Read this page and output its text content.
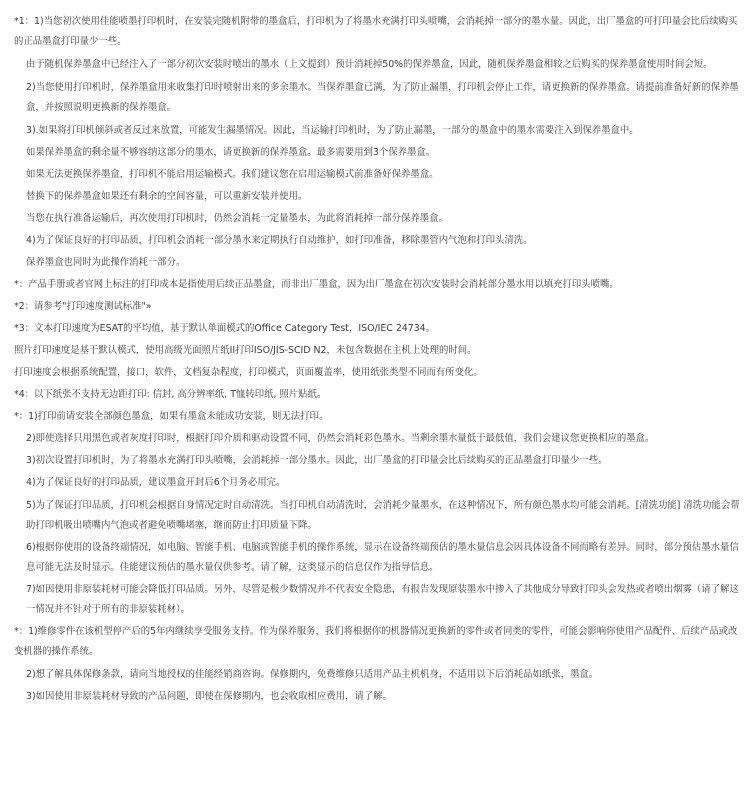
*1：1)当您初次使用佳能喷墨打印机时，在安装完随机附带的墨盒后，打印机为了将墨水充满打印头喷嘴，会消耗掉一部分的墨水量。因此，出厂墨盒的可打印量会比后续购买的正品墨盒打印量少一些。
由于随机保养墨盒中已经注入了一部分初次安装时喷出的墨水（上文提到）预计消耗掉50%的保养墨盒，因此，随机保养墨盒相较之后购买的保养墨盒使用时间会短。
2)当您使用打印机时，保养墨盒用来收集打印时喷射出来的多余墨水。当保养墨盒已满，为了防止漏墨，打印机会停止工作，请更换新的保养墨盒。请提前准备好新的保养墨盒，并按照说明更换新的保养墨盒。
3).如果将打印机倾斜或者反过来放置，可能发生漏墨情况。因此，当运输打印机时，为了防止漏墨，一部分的墨盒中的墨水需要注入到保养墨盒中。
如果保养墨盒的剩余量不够容纳这部分的墨水，请更换新的保养墨盒。最多需要用到3个保养墨盒。
如果无法更换保养墨盒，打印机不能启用运输模式。我们建议您在启用运输模式前准备好保养墨盒。
替换下的保养墨盒如果还有剩余的空间容量，可以重新安装并使用。
当您在执行准备运输后，再次使用打印机时，仍然会消耗一定量墨水，为此将消耗掉一部分保养墨盒。
4)为了保证良好的打印品质，打印机会消耗一部分墨水来定期执行自动维护，如打印准备，移除墨管内气泡和打印头清洗。
保养墨盒也同时为此操作消耗一部分。
*：产品手册或者官网上标注的打印成本是指使用后续正品墨盒，而非出厂墨盒，因为出厂墨盒在初次安装时会消耗部分墨水用以填充打印头喷嘴。
*2：请参考"打印速度测试标准"»
*3：文本打印速度为ESAT的平均值，基于默认单面模式的Office Category Test，ISO/IEC 24734。
照片打印速度是基于默认模式，使用高级光面照片纸II打印ISO/JIS-SCID N2，未包含数据在主机上处理的时间。
打印速度会根据系统配置，接口，软件，文档复杂程度，打印模式，页面覆盖率，使用纸张类型不同而有所变化。
*4：以下纸张不支持无边距打印: 信封, 高分辨率纸, T恤转印纸, 照片贴纸。
*：1)打印前请安装全部颜色墨盒，如果有墨盒未能成功安装，则无法打印。
2)即使选择只用黑色或者灰度打印时，根据打印介质和驱动设置不同，仍然会消耗彩色墨水。当剩余墨水量低于最低值，我们会建议您更换相应的墨盒。
3)初次设置打印机时，为了将墨水充满打印头喷嘴，会消耗掉一部分墨水。因此，出厂墨盒的打印量会比后续购买的正品墨盒打印量少一些。
4)为了保证良好的打印品质，建议墨盒开封后6个月务必用完。
5)为了保证打印品质，打印机会根据自身情况定时自动清洗。当打印机自动清洗时，会消耗少量墨水，在这种情况下，所有颜色墨水均可能会消耗。[清洗功能] 清洗功能会帮助打印机吸出喷嘴内气泡或者避免喷嘴堵塞，继而防止打印质量下降。
6)根据你使用的设备终端情况，如电脑、智能手机、电脑或智能手机的操作系统，显示在设备终端预估的墨水量信息会因具体设备不同而略有差异。同时，部分预估墨水量信息可能无法及时显示。佳能建议预估的墨水量仅供参考。请了解，这类显示的信息仅作为指导信息。
7)如因使用非原装耗材可能会降低打印品质。另外，尽管是极少数情况并不代表安全隐患，有报告发现原装墨水中掺入了其他成分导致打印头会发热或者喷出烟雾（请了解这一情况并不针对于所有的非原装耗材）。
*：1)维修零件在该机型停产后的5年内继续享受服务支持。作为保养服务，我们将根据你的机器情况更换新的零件或者同类的零件，可能会影响你使用产品配件、后续产品或改变机器的操作系统。
2)想了解具体保修条款，请向当地授权的佳能经销商咨询。保修期内，免费维修只适用产品主机机身，不适用以下后消耗品如纸张，墨盒。
3)如因使用非原装耗材导致的产品问题，即使在保修期内，也会收取相应费用，请了解。
